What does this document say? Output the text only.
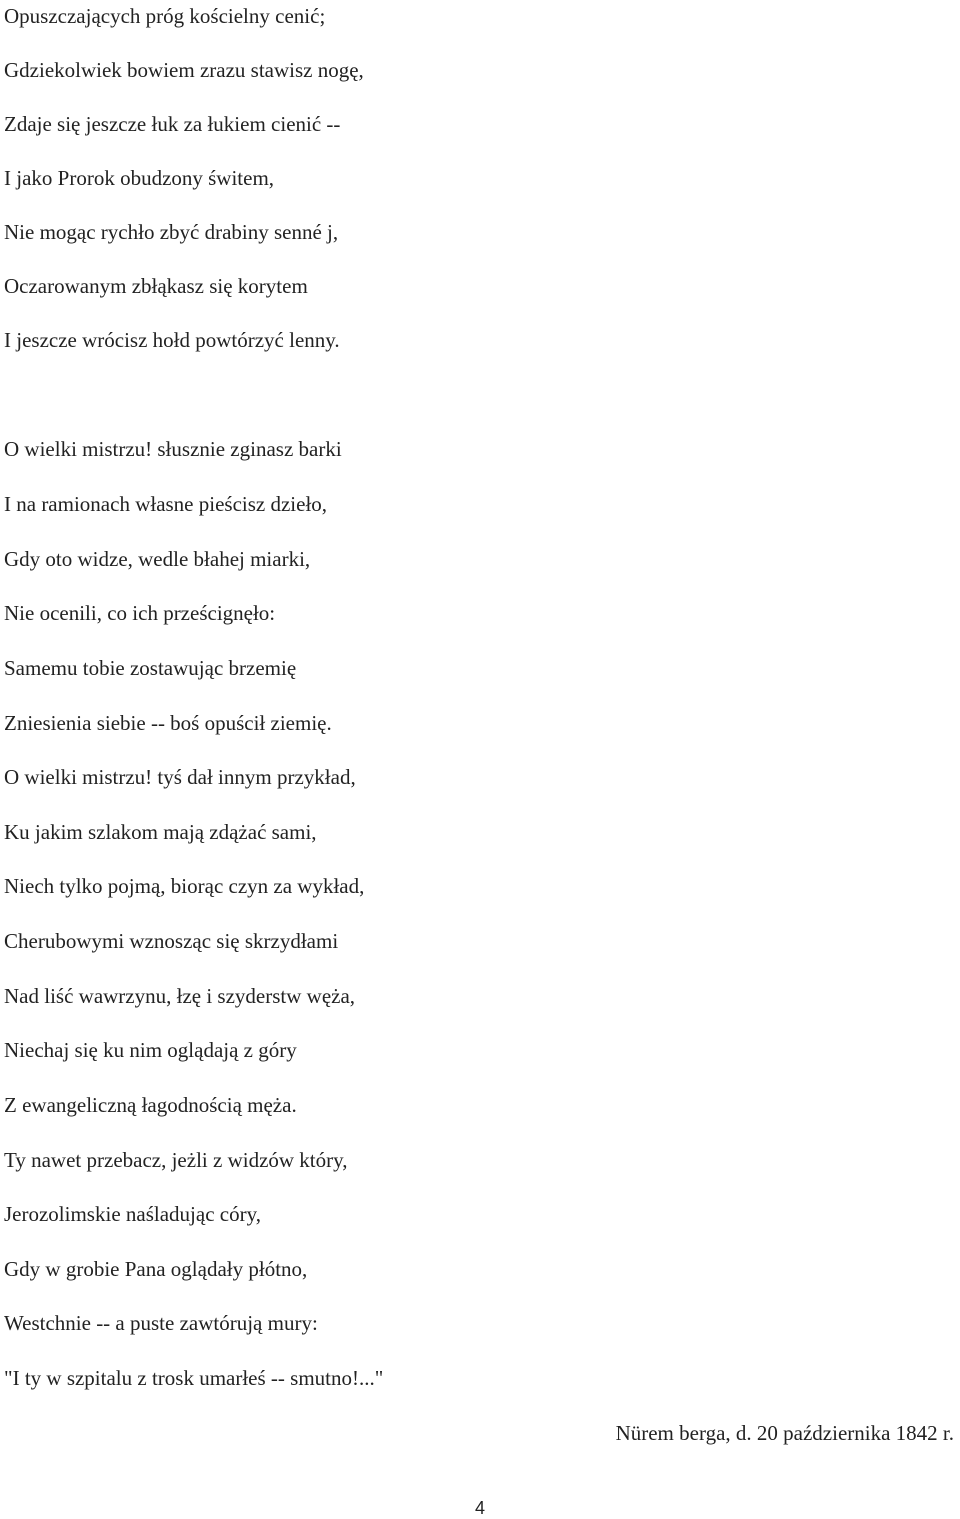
Opuszczających próg kościelny cenić;
Gdziekolwiek bowiem zrazu stawisz nogę,
Zdaje się jeszcze łuk za łukiem cienić --
I jako Prorok obudzony świtem,
Nie mogąc rychło zbyć drabiny senné j,
Oczarowanym zbłąkasz się korytem
I jeszcze wrócisz hołd powtórzyć lenny.
O wielki mistrzu! słusznie zginasz barki
I na ramionach własne pieścisz dzieło,
Gdy oto widze, wedle błahej miarki,
Nie ocenili, co ich prześcignęło:
Samemu tobie zostawując brzemię
Zniesienia siebie -- boś opuścił ziemię.
O wielki mistrzu! tyś dał innym przykład,
Ku jakim szlakom mają zdążać sami,
Niech tylko pojmą, biorąc czyn za wykład,
Cherubowymi wznosząc się skrzydłami
Nad liść wawrzynu, łzę i szyderstw węża,
Niechaj się ku nim oglądają z góry
Z ewangeliczną łagodnością męża.
Ty nawet przebacz, jeżli z widzów który,
Jerozolimskie naśladując córy,
Gdy w grobie Pana oglądały płótno,
Westchnie -- a puste zawtórują mury:
"I ty w szpitalu z trosk umarłeś -- smutno!..."
Nürem berga, d. 20 października 1842 r.
4
